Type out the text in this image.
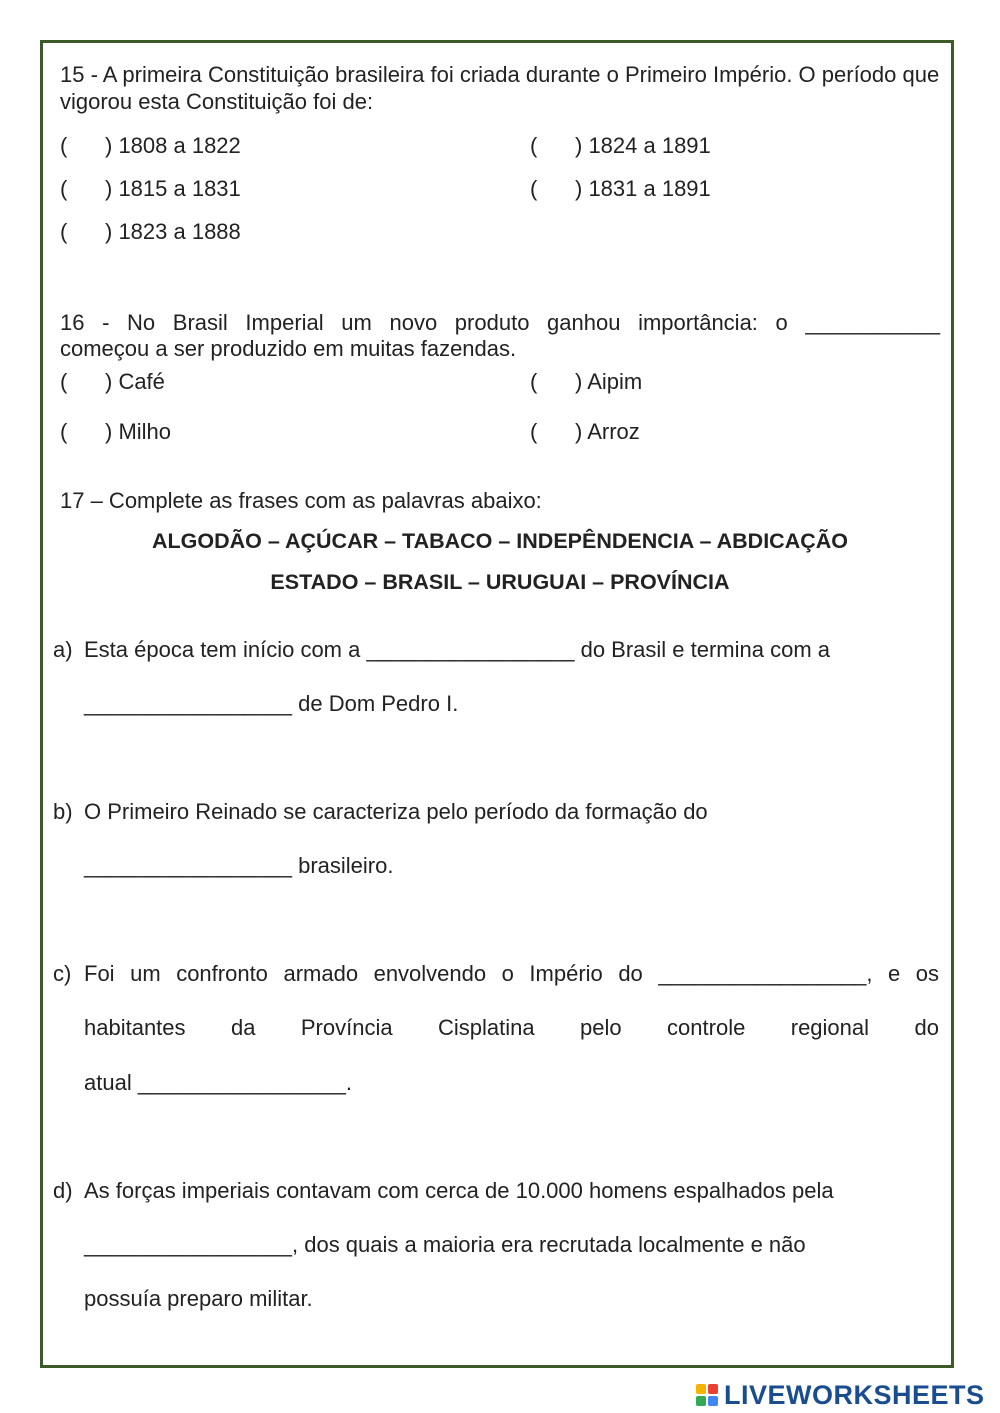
15 - A primeira Constituição brasileira foi criada durante o Primeiro Império. O período que vigorou esta Constituição foi de:
(	) 1808 a 1822	(	) 1824 a 1891
(	) 1815 a 1831	(	) 1831 a 1891
(	) 1823 a 1888
16 - No Brasil Imperial um novo produto ganhou importância: o ___________
começou a ser produzido em muitas fazendas.
(	) Café	(	) Aipim
(	) Milho	(	) Arroz
17 – Complete as frases com as palavras abaixo:
ALGODÃO – AÇÚCAR – TABACO – INDEPÊNDENCIA – ABDICAÇÃO
ESTADO – BRASIL – URUGUAI – PROVÍNCIA
a) Esta época tem início com a _________________ do Brasil e termina com a
_________________ de Dom Pedro I.
b) O Primeiro Reinado se caracteriza pelo período da formação do
_________________ brasileiro.
c) Foi um confronto armado envolvendo o Império do _________________, e os
habitantes da Província Cisplatina pelo controle regional do
atual _________________.
d) As forças imperiais contavam com cerca de 10.000 homens espalhados pela
_________________, dos quais a maioria era recrutada localmente e não
possuía preparo militar.
LIVEWORKSHEETS
